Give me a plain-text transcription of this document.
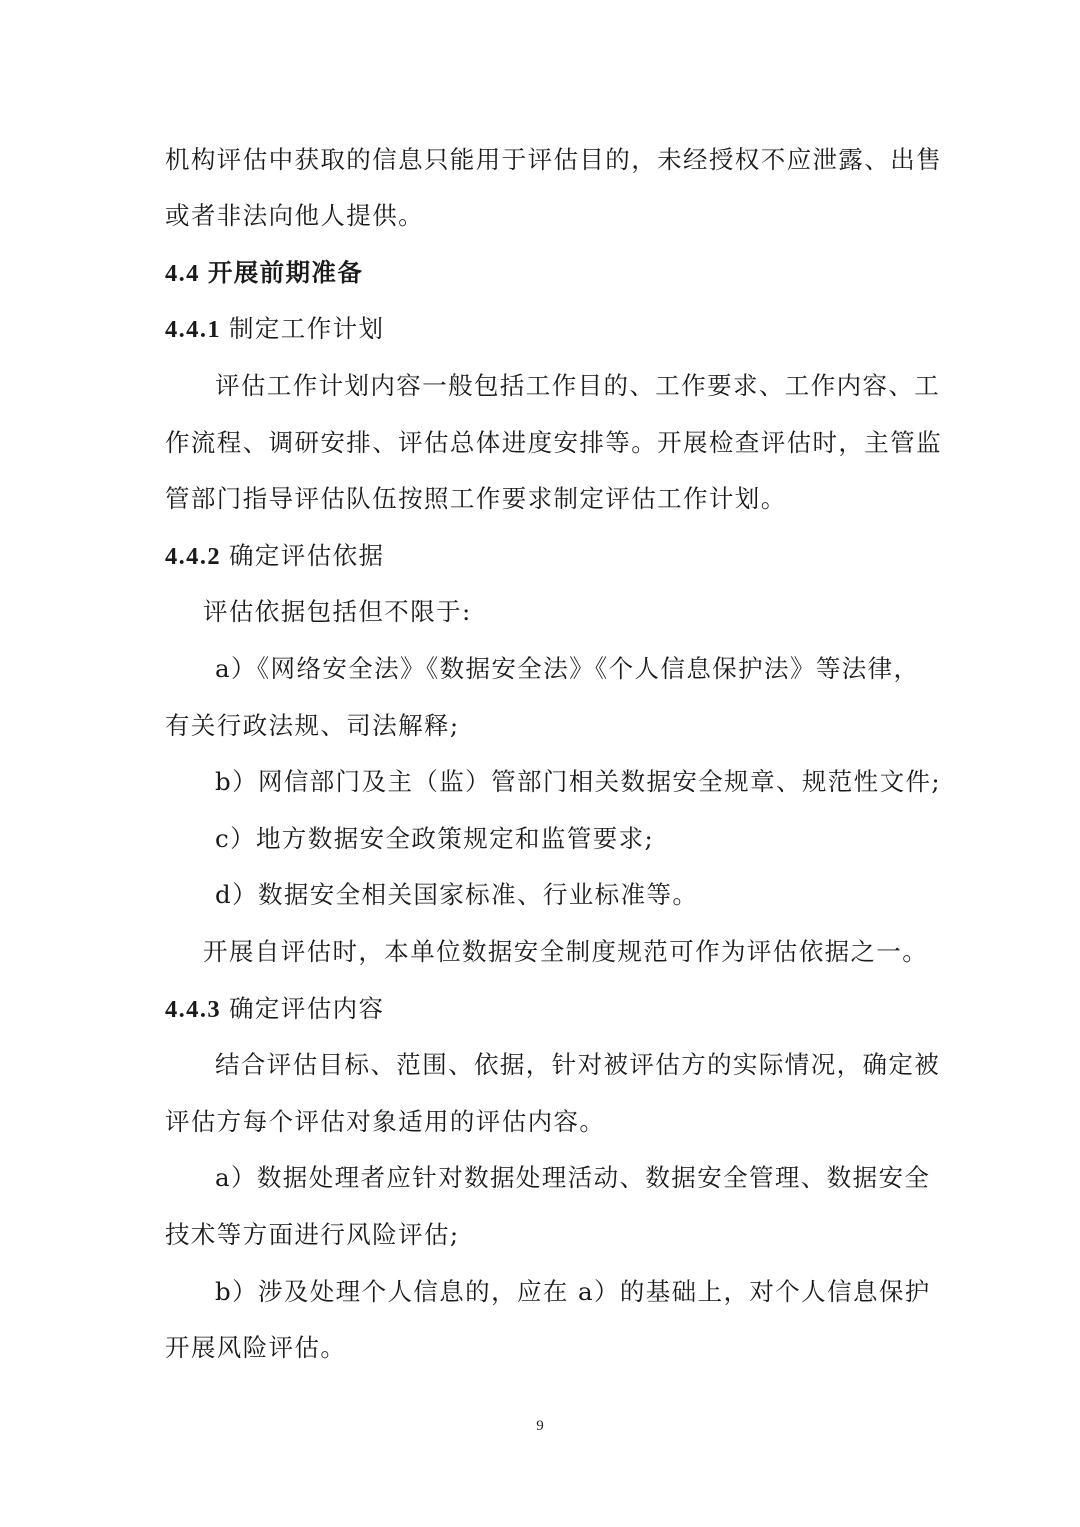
机构评估中获取的信息只能用于评估目的，未经授权不应泄露、出售
或者非法向他人提供。
4.4 开展前期准备
4.4.1 制定工作计划
评估工作计划内容一般包括工作目的、工作要求、工作内容、工
作流程、调研安排、评估总体进度安排等。开展检查评估时，主管监
管部门指导评估队伍按照工作要求制定评估工作计划。
4.4.2 确定评估依据
评估依据包括但不限于:
a）《网络安全法》《数据安全法》《个人信息保护法》等法律，
有关行政法规、司法解释;
b）网信部门及主（监）管部门相关数据安全规章、规范性文件;
c）地方数据安全政策规定和监管要求;
d）数据安全相关国家标准、行业标准等。
开展自评估时，本单位数据安全制度规范可作为评估依据之一。
4.4.3 确定评估内容
结合评估目标、范围、依据，针对被评估方的实际情况，确定被
评估方每个评估对象适用的评估内容。
a）数据处理者应针对数据处理活动、数据安全管理、数据安全
技术等方面进行风险评估;
b）涉及处理个人信息的，应在 a）的基础上，对个人信息保护
开展风险评估。
9
